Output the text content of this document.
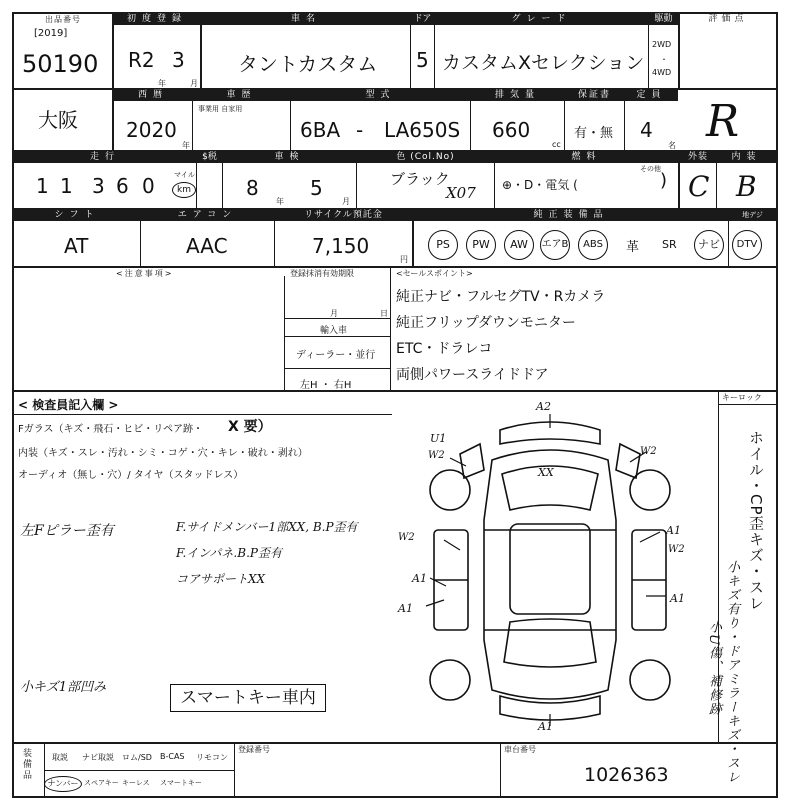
出品番号
[2019]
50190
初度登録
R2 3
年	月
車名
タントカスタム
ドア
5
グレード
カスタムXセレクション
駆動
2WD
・
4WD
評価点
R
大阪
西暦
2020
年
車歴
事業用 自家用
型式
6BA - LA650S
排気量
660
cc
保証書
有・無
定員
4
名
走行
1 1 3 6 0	マイル
km
$税	車検
8
年
5
月
色 (Col.No)
ブラック
X07
燃料
⊕・D・電気 (	)
その他
外装
C
内装
B
シフト
AT
エアコン
AAC
リサイクル預託金
7,150
円
純正装備品
PS	PW	AW	エアB	ABS	革 SR	ナビ
地デジ
DTV
<注意事項>	登録抹消有効期限
月	日
輸入車
ディーラー・並行
左H ・ 右H
<セールスポイント>
純正ナビ・フルセグTV・Rカメラ
純正フリップダウンモニター
ETC・ドラレコ
両側パワースライドドア
< 検査員記入欄 >
Fガラス（キズ・飛石・ヒビ・リペア跡・ X 要）
内装（キズ・スレ・汚れ・シミ・コゲ・穴・キレ・破れ・剥れ）
オーディオ（無し・穴）/ タイヤ（スタッドレス）
左Fピラー歪有	F.サイドメンバー1部XX, B.P歪有
F.インパネ.B.P歪有
コアサポートXX
小キズ1部凹み
スマートキー車内
キーロック
ホイル・CP歪キズ・スレ
小キズ有り・ドアミラーキズ・スレ
小U傷、補修跡
A2
U1
W2	W2
XX
W2
A1
A1
A1
W2
A1
A1
装備品	取説 ナビ取説 ロム/SD B-CAS リモコン
ナンバー スペアキー キーレス スマートキー
登録番号	車台番号
1026363
